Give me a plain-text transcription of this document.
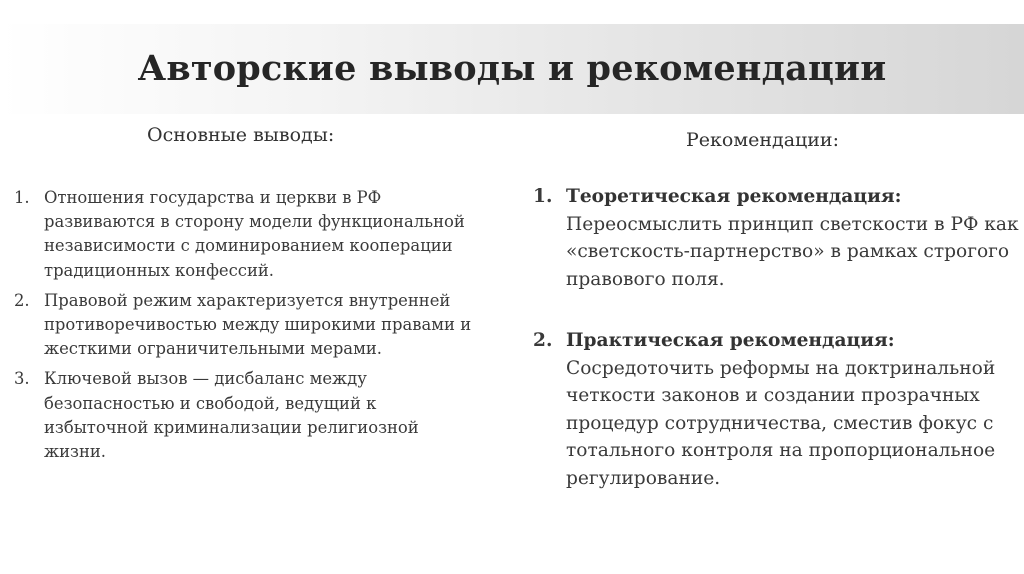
Авторские выводы и рекомендации
Основные выводы:
1. Отношения государства и церкви в РФ развиваются в сторону модели функциональной независимости с доминированием кооперации традиционных конфессий.
2. Правовой режим характеризуется внутренней противоречивостью между широкими правами и жесткими ограничительными мерами.
3. Ключевой вызов — дисбаланс между безопасностью и свободой, ведущий к избыточной криминализации религиозной жизни.
Рекомендации:
1. Теоретическая рекомендация:
Переосмыслить принцип светскости в РФ как «светскость-партнерство» в рамках строгого правового поля.
2. Практическая рекомендация:
Сосредоточить реформы на доктринальной четкости законов и создании прозрачных процедур сотрудничества, сместив фокус с тотального контроля на пропорциональное регулирование.
